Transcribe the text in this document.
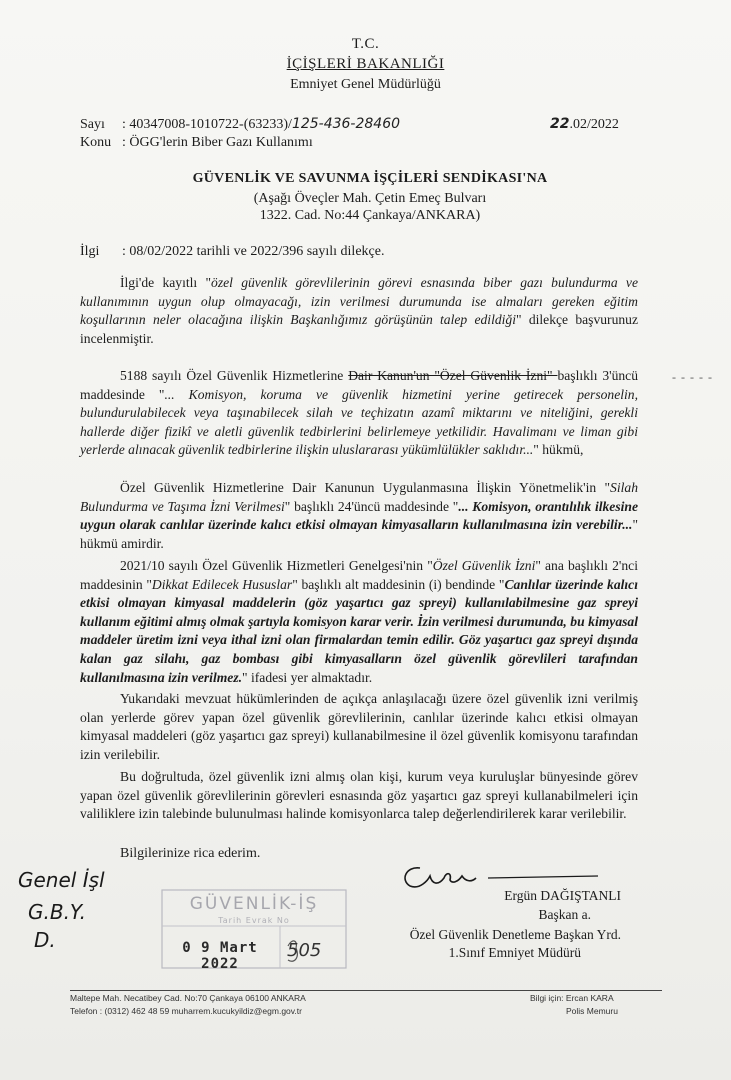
T.C.
İÇİŞLERİ BAKANLIĞI
Emniyet Genel Müdürlüğü
Sayı : 40347008-1010722-(63233)/125-436-28460	22.02/2022
Konu : ÖGG'lerin Biber Gazı Kullanımı
GÜVENLİK VE SAVUNMA İŞÇİLERİ SENDİKASI'NA
(Aşağı Öveçler Mah. Çetin Emeç Bulvarı
1322. Cad. No:44 Çankaya/ANKARA)
İlgi : 08/02/2022 tarihli ve 2022/396 sayılı dilekçe.

İlgi'de kayıtlı "özel güvenlik görevlilerinin görevi esnasında biber gazı bulundurma ve kullanımının uygun olup olmayacağı, izin verilmesi durumunda ise almaları gereken eğitim koşullarının neler olacağına ilişkin Başkanlığımız görüşünün talep edildiği" dilekçe başvurunuz incelenmiştir.

- - - - -

5188 sayılı Özel Güvenlik Hizmetlerine Dair Kanun'un "Özel Güvenlik İzni" başlıklı 3'üncü maddesinde "... Komisyon, koruma ve güvenlik hizmetini yerine getirecek personelin, bulundurulabilecek veya taşınabilecek silah ve teçhizatın azamî miktarını ve niteliğini, gerekli hallerde diğer fizikî ve aletli güvenlik tedbirlerini belirlemeye yetkilidir. Havalimanı ve liman gibi yerlerde alınacak güvenlik tedbirlerine ilişkin uluslararası yükümlülükler saklıdır..." hükmü,

Özel Güvenlik Hizmetlerine Dair Kanunun Uygulanmasına İlişkin Yönetmelik'in "Silah Bulundurma ve Taşıma İzni Verilmesi" başlıklı 24'üncü maddesinde "... Komisyon, orantılılık ilkesine uygun olarak canlılar üzerinde kalıcı etkisi olmayan kimyasalların kullanılmasına izin verebilir..." hükmü amirdir.

2021/10 sayılı Özel Güvenlik Hizmetleri Genelgesi'nin "Özel Güvenlik İzni" ana başlıklı 2'nci maddesinin "Dikkat Edilecek Hususlar" başlıklı alt maddesinin (i) bendinde "Canlılar üzerinde kalıcı etkisi olmayan kimyasal maddelerin (göz yaşartıcı gaz spreyi) kullanılabilmesine gaz spreyi kullanım eğitimi almış olmak şartıyla komisyon karar verir. İzin verilmesi durumunda, bu kimyasal maddeler üretim izni veya ithal izni olan firmalardan temin edilir. Göz yaşartıcı gaz spreyi dışında kalan gaz silahı, gaz bombası gibi kimyasalların özel güvenlik görevlileri tarafından kullanılmasına izin verilmez." ifadesi yer almaktadır.

Yukarıdaki mevzuat hükümlerinden de açıkça anlaşılacağı üzere özel güvenlik izni verilmiş olan yerlerde görev yapan özel güvenlik görevlilerinin, canlılar üzerinde kalıcı etkisi olmayan kimyasal maddeleri (göz yaşartıcı gaz spreyi) kullanabilmesine il özel güvenlik komisyonu tarafından izin verilebilir.

Bu doğrultuda, özel güvenlik izni almış olan kişi, kurum veya kuruluşlar bünyesinde görev yapan özel güvenlik görevlilerinin görevleri esnasında göz yaşartıcı gaz spreyi kullanabilmeleri için valiliklere izin talebinde bulunulması halinde komisyonlarca talep değerlendirilerek karar verilebilir.

Bilgilerinize rica ederim.
Ergün DAĞIŞTANLI
Başkan a.
Özel Güvenlik Denetleme Başkan Yrd.
1.Sınıf Emniyet Müdürü
GÜVENLİK-İŞ
Tarih Evrak No
0 9 Mart 2022
505
Genel İşl
G.B.Y.
D.
Maltepe Mah. Necatibey Cad. No:70 Çankaya 06100 ANKARA
Telefon : (0312) 462 48 59 muharrem.kucukyildiz@egm.gov.tr
Bilgi için: Ercan KARA
Polis Memuru
